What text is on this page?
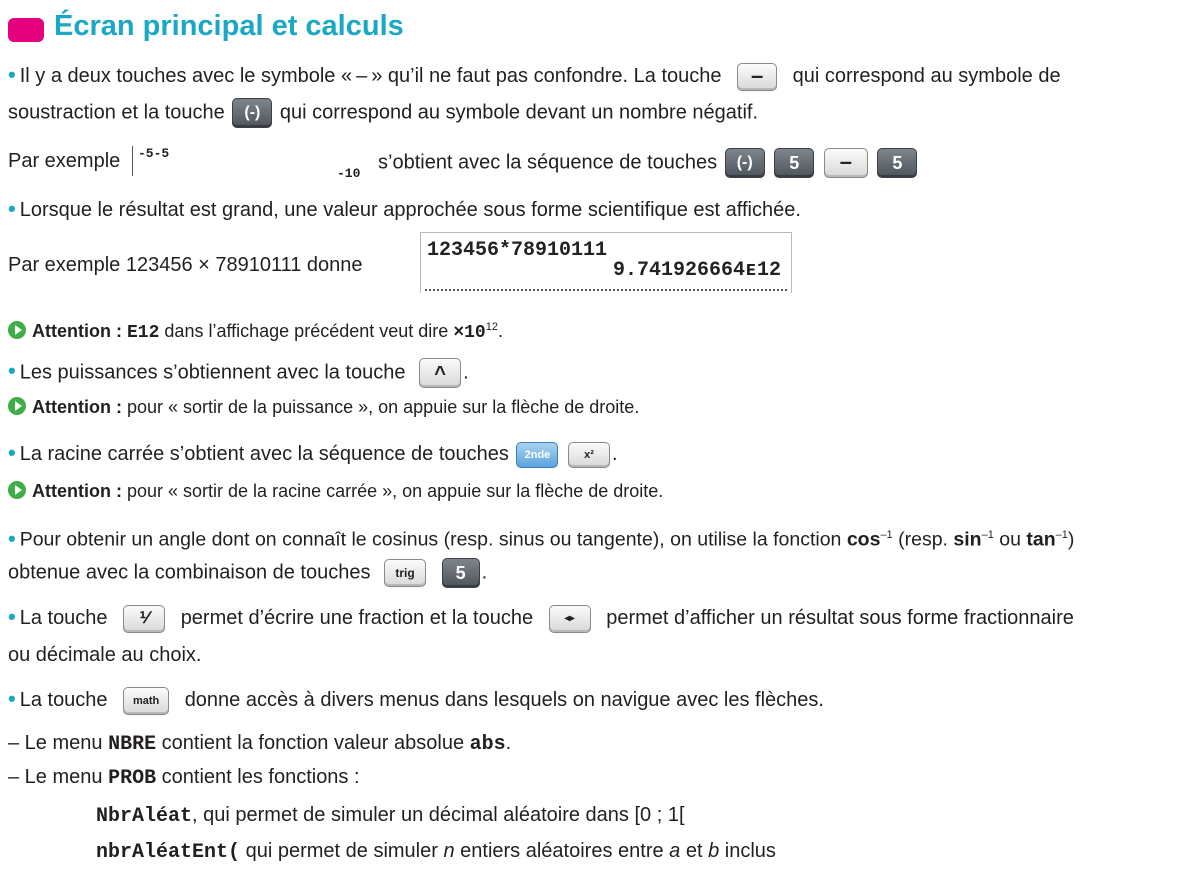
Écran principal et calculs
• Il y a deux touches avec le symbole « – » qu’il ne faut pas confondre. La touche – qui correspond au symbole de
soustraction et la touche (-) qui correspond au symbole devant un nombre négatif.
Par exemple -5-5
-10
s’obtient avec la séquence de touches (-) 5 – 5
• Lorsque le résultat est grand, une valeur approchée sous forme scientifique est affichée.
Par exemple 123456 × 78910111 donne
123456*78910111
9.741926664ᴇ12
Attention : E12 dans l’affichage précédent veut dire $\times 10^{12}$.
• Les puissances s’obtiennent avec la touche ^ .
Attention : pour « sortir de la puissance », on appuie sur la flèche de droite.
• La racine carrée s’obtient avec la séquence de touches 2nde	x² .
Attention : pour « sortir de la racine carrée », on appuie sur la flèche de droite.
• Pour obtenir un angle dont on connaît le cosinus (resp. sinus ou tangente), on utilise la fonction $\cos^{-1}$ (resp. $\sin^{-1}$ ou $\tan^{-1}$)
obtenue avec la combinaison de touches trig 5 .
• La touche ⅟ permet d’écrire une fraction et la touche	◂▸ permet d’afficher un résultat sous forme fractionnaire
ou décimale au choix.
• La touche math donne accès à divers menus dans lesquels on navigue avec les flèches.
– Le menu NBRE contient la fonction valeur absolue abs.
– Le menu PROB contient les fonctions :
NbrAléat, qui permet de simuler un décimal aléatoire dans [0 ; 1[
nbrAléatEnt( qui permet de simuler n entiers aléatoires entre a et b inclus
